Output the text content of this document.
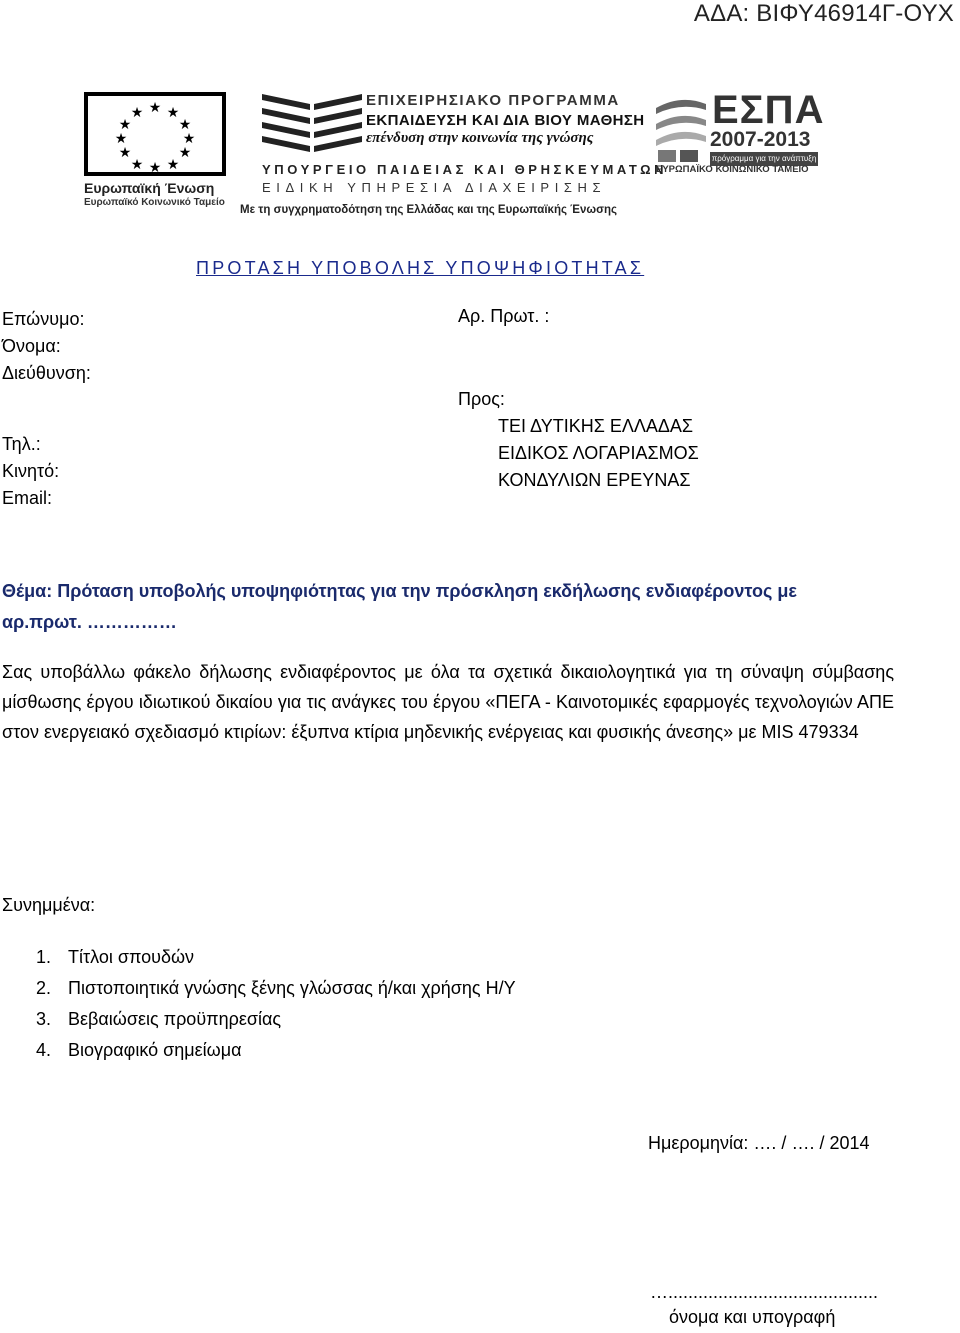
ΑΔΑ: ΒΙΦΥ46914Γ-ΟΥΧ
★ ★
★
★
★
★
★
★
★
★
★
★
Ευρωπαϊκή Ένωση
Ευρωπαϊκό Κοινωνικό Ταμείο
ΕΠΙΧΕΙΡΗΣΙΑΚΟ ΠΡΟΓΡΑΜΜΑ
ΕΚΠΑΙΔΕΥΣΗ ΚΑΙ ΔΙΑ ΒΙΟΥ ΜΑΘΗΣΗ
επένδυση στην κοινωνία της γνώσης
ΥΠΟΥΡΓΕΙΟ ΠΑΙΔΕΙΑΣ ΚΑΙ ΘΡΗΣΚΕΥΜΑΤΩΝ
ΕΙΔΙΚΗ ΥΠΗΡΕΣΙΑ ΔΙΑΧΕΙΡΙΣΗΣ
Με τη συγχρηματοδότηση της Ελλάδας και της Ευρωπαϊκής Ένωσης
ΕΣΠΑ
2007-2013
πρόγραμμα για την ανάπτυξη
ΕΥΡΩΠΑΪΚΟ ΚΟΙΝΩΝΙΚΟ ΤΑΜΕΙΟ
ΠΡΟΤΑΣΗ ΥΠΟΒΟΛΗΣ ΥΠΟΨΗΦΙΟΤΗΤΑΣ
Επώνυμο:
Όνομα:
Διεύθυνση:
Τηλ.:
Κινητό:
Email:
Αρ. Πρωτ. :
Προς:
ΤΕΙ ΔΥΤΙΚΗΣ ΕΛΛΑΔΑΣ
ΕΙΔΙΚΟΣ ΛΟΓΑΡΙΑΣΜΟΣ
ΚΟΝΔΥΛΙΩΝ ΕΡΕΥΝΑΣ
Θέμα: Πρόταση υποβολής υποψηφιότητας για την πρόσκληση εκδήλωσης ενδιαφέροντος με αρ.πρωτ. ……………
Σας υποβάλλω φάκελο δήλωσης ενδιαφέροντος με όλα τα σχετικά δικαιολογητικά για τη σύναψη σύμβασης μίσθωσης έργου ιδιωτικού δικαίου για τις ανάγκες του έργου «ΠΕΓΑ - Καινοτομικές εφαρμογές τεχνολογιών ΑΠΕ στον ενεργειακό σχεδιασμό κτιρίων: έξυπνα κτίρια μηδενικής ενέργειας και φυσικής άνεσης» με MIS 479334
Συνημμένα:
1. Τίτλοι σπουδών
2. Πιστοποιητικά γνώσης ξένης γλώσσας ή/και χρήσης Η/Υ
3. Βεβαιώσεις προϋπηρεσίας
4. Βιογραφικό σημείωμα
Ημερομηνία: …. / …. / 2014
…..........................................
όνομα και υπογραφή
